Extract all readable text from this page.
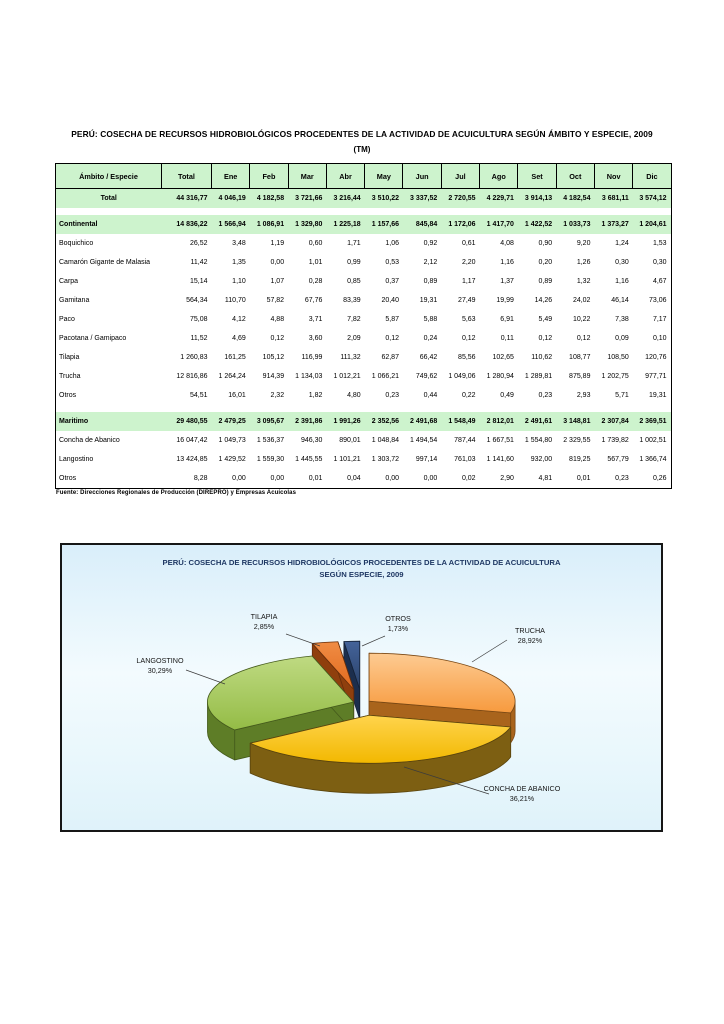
PERÚ: COSECHA DE RECURSOS HIDROBIOLÓGICOS PROCEDENTES DE LA ACTIVIDAD DE ACUICULTURA SEGÚN ÁMBITO Y ESPECIE, 2009
(TM)
Ámbito / Especie	Total	Ene	Feb	Mar	Abr	May	Jun	Jul	Ago	Set	Oct	Nov	Dic
Total	44 316,77	4 046,19	4 182,58	3 721,66	3 216,44	3 510,22	3 337,52	2 720,55	4 229,71	3 914,13	4 182,54	3 681,11	3 574,12

Continental	14 836,22	1 566,94	1 086,91	1 329,80	1 225,18	1 157,66	845,84	1 172,06	1 417,70	1 422,52	1 033,73	1 373,27	1 204,61
Boquichico	26,52	3,48	1,19	0,60	1,71	1,06	0,92	0,61	4,08	0,90	9,20	1,24	1,53
Camarón Gigante de Malasia	11,42	1,35	0,00	1,01	0,99	0,53	2,12	2,20	1,16	0,20	1,26	0,30	0,30
Carpa	15,14	1,10	1,07	0,28	0,85	0,37	0,89	1,17	1,37	0,89	1,32	1,16	4,67
Gamitana	564,34	110,70	57,82	67,76	83,39	20,40	19,31	27,49	19,99	14,26	24,02	46,14	73,06
Paco	75,08	4,12	4,88	3,71	7,82	5,87	5,88	5,63	6,91	5,49	10,22	7,38	7,17
Pacotana / Gamipaco	11,52	4,69	0,12	3,60	2,09	0,12	0,24	0,12	0,11	0,12	0,12	0,09	0,10
Tilapia	1 260,83	161,25	105,12	116,99	111,32	62,87	66,42	85,56	102,65	110,62	108,77	108,50	120,76
Trucha	12 816,86	1 264,24	914,39	1 134,03	1 012,21	1 066,21	749,62	1 049,06	1 280,94	1 289,81	875,89	1 202,75	977,71
Otros	54,51	16,01	2,32	1,82	4,80	0,23	0,44	0,22	0,49	0,23	2,93	5,71	19,31

Maritimo	29 480,55	2 479,25	3 095,67	2 391,86	1 991,26	2 352,56	2 491,68	1 548,49	2 812,01	2 491,61	3 148,81	2 307,84	2 369,51
Concha de Abanico	16 047,42	1 049,73	1 536,37	946,30	890,01	1 048,84	1 494,54	787,44	1 667,51	1 554,80	2 329,55	1 739,82	1 002,51
Langostino	13 424,85	1 429,52	1 559,30	1 445,55	1 101,21	1 303,72	997,14	761,03	1 141,60	932,00	819,25	567,79	1 366,74
Otros	8,28	0,00	0,00	0,01	0,04	0,00	0,00	0,02	2,90	4,81	0,01	0,23	0,26
Fuente: Direcciones Regionales de Producción (DIREPRO) y Empresas Acuícolas
PERÚ: COSECHA DE RECURSOS HIDROBIOLÓGICOS PROCEDENTES DE LA ACTIVIDAD DE ACUICULTURA
SEGÚN ESPECIE, 2009
TRUCHA
28,92%
CONCHA DE ABANICO
36,21%
LANGOSTINO
30,29%
TILAPIA
2,85%
OTROS
1,73%
